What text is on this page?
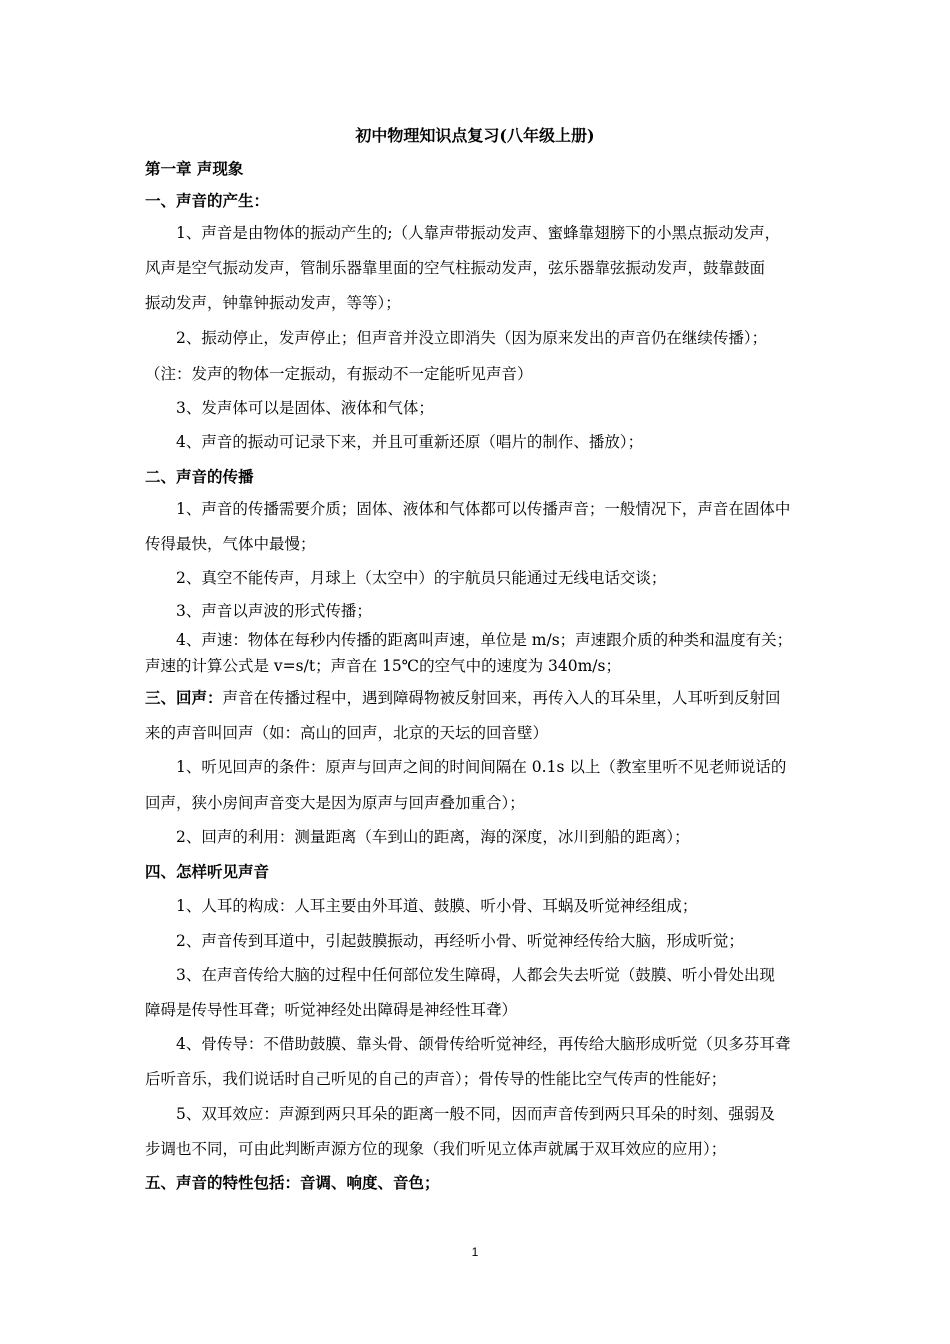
初中物理知识点复习(八年级上册)
第一章 声现象
一、声音的产生：
1、声音是由物体的振动产生的;（人靠声带振动发声、蜜蜂靠翅膀下的小黑点振动发声，
风声是空气振动发声，管制乐器靠里面的空气柱振动发声，弦乐器靠弦振动发声，鼓靠鼓面
振动发声，钟靠钟振动发声，等等）；
2、振动停止，发声停止；但声音并没立即消失（因为原来发出的声音仍在继续传播）；
（注：发声的物体一定振动，有振动不一定能听见声音）
3、发声体可以是固体、液体和气体；
4、声音的振动可记录下来，并且可重新还原（唱片的制作、播放）；
二、声音的传播
1、声音的传播需要介质；固体、液体和气体都可以传播声音；一般情况下，声音在固体中
传得最快，气体中最慢；
2、真空不能传声，月球上（太空中）的宇航员只能通过无线电话交谈；
3、声音以声波的形式传播；
4、声速：物体在每秒内传播的距离叫声速，单位是 m/s；声速跟介质的种类和温度有关；
声速的计算公式是 v=s/t；声音在 15℃的空气中的速度为 340m/s；
三、回声：声音在传播过程中，遇到障碍物被反射回来，再传入人的耳朵里，人耳听到反射回
来的声音叫回声（如：高山的回声，北京的天坛的回音壁）
1、听见回声的条件：原声与回声之间的时间间隔在 0.1s 以上（教室里听不见老师说话的
回声，狭小房间声音变大是因为原声与回声叠加重合）；
2、回声的利用：测量距离（车到山的距离，海的深度，冰川到船的距离）；
四、怎样听见声音
1、人耳的构成：人耳主要由外耳道、鼓膜、听小骨、耳蜗及听觉神经组成；
2、声音传到耳道中，引起鼓膜振动，再经听小骨、听觉神经传给大脑，形成听觉；
3、在声音传给大脑的过程中任何部位发生障碍，人都会失去听觉（鼓膜、听小骨处出现
障碍是传导性耳聋；听觉神经处出障碍是神经性耳聋）
4、骨传导：不借助鼓膜、靠头骨、颌骨传给听觉神经，再传给大脑形成听觉（贝多芬耳聋
后听音乐，我们说话时自己听见的自己的声音）；骨传导的性能比空气传声的性能好；
5、双耳效应：声源到两只耳朵的距离一般不同，因而声音传到两只耳朵的时刻、强弱及
步调也不同，可由此判断声源方位的现象（我们听见立体声就属于双耳效应的应用）；
五、声音的特性包括：音调、响度、音色；
1
